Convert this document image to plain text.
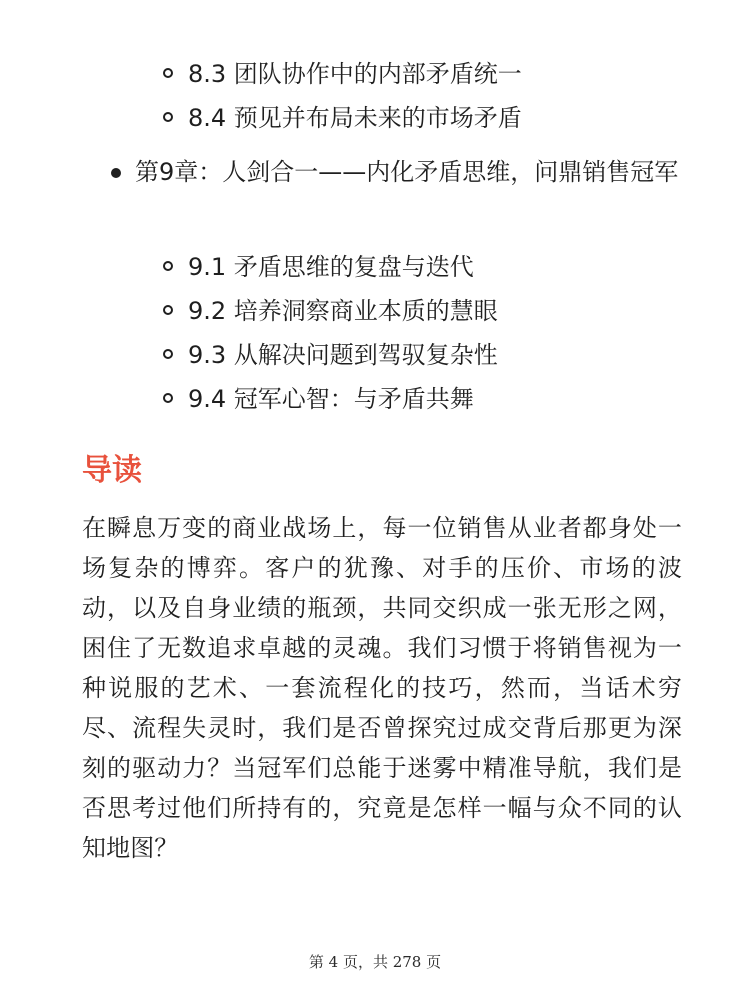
8.3 团队协作中的内部矛盾统一
8.4 预见并布局未来的市场矛盾
第9章：人剑合一——内化矛盾思维，问鼎销售冠军
9.1 矛盾思维的复盘与迭代
9.2 培养洞察商业本质的慧眼
9.3 从解决问题到驾驭复杂性
9.4 冠军心智：与矛盾共舞
导读

在瞬息万变的商业战场上，每一位销售从业者都身处一场复杂的博弈。客户的犹豫、对手的压价、市场的波动，以及自身业绩的瓶颈，共同交织成一张无形之网，困住了无数追求卓越的灵魂。我们习惯于将销售视为一种说服的艺术、一套流程化的技巧，然而，当话术穷尽、流程失灵时，我们是否曾探究过成交背后那更为深刻的驱动力？当冠军们总能于迷雾中精准导航，我们是否思考过他们所持有的，究竟是怎样一幅与众不同的认知地图？

第 4 页，共 278 页
